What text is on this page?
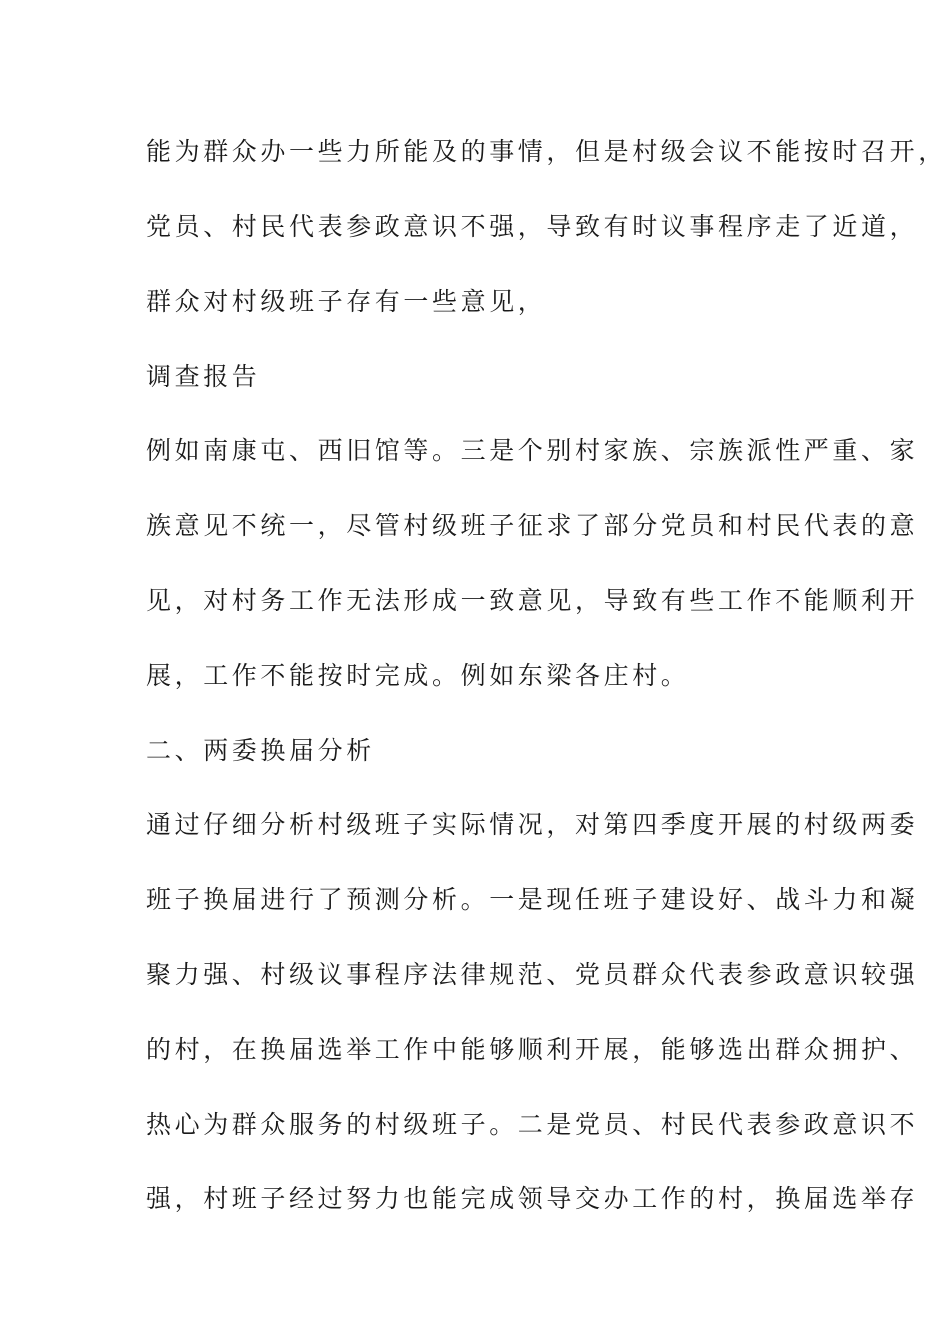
能为群众办一些力所能及的事情，但是村级会议不能按时召开，
党员、村民代表参政意识不强，导致有时议事程序走了近道，
群众对村级班子存有一些意见，
调查报告
例如南康屯、西旧馆等。三是个别村家族、宗族派性严重、家
族意见不统一，尽管村级班子征求了部分党员和村民代表的意
见，对村务工作无法形成一致意见，导致有些工作不能顺利开
展，工作不能按时完成。例如东梁各庄村。
二、两委换届分析
通过仔细分析村级班子实际情况，对第四季度开展的村级两委
班子换届进行了预测分析。一是现任班子建设好、战斗力和凝
聚力强、村级议事程序法律规范、党员群众代表参政意识较强
的村，在换届选举工作中能够顺利开展，能够选出群众拥护、
热心为群众服务的村级班子。二是党员、村民代表参政意识不
强，村班子经过努力也能完成领导交办工作的村，换届选举存
